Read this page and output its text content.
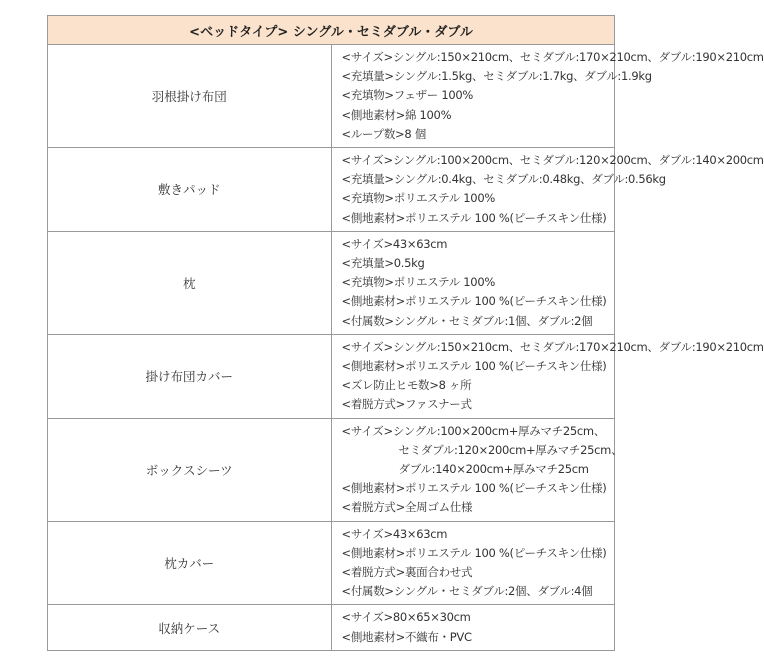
<ベッドタイプ> シングル・セミダブル・ダブル	
羽根掛け布団	<サイズ>シングル:150×210cm、セミダブル:170×210cm、ダブル:190×210cm
<充填量>シングル:1.5kg、セミダブル:1.7kg、ダブル:1.9kg
<充填物>フェザー 100%
<側地素材>綿 100%
<ループ数>8 個

敷きパッド	<サイズ>シングル:100×200cm、セミダブル:120×200cm、ダブル:140×200cm
<充填量>シングル:0.4kg、セミダブル:0.48kg、ダブル:0.56kg
<充填物>ポリエステル 100%
<側地素材>ポリエステル 100 %(ピーチスキン仕様)

枕	<サイズ>43×63cm
<充填量>0.5kg
<充填物>ポリエステル 100%
<側地素材>ポリエステル 100 %(ピーチスキン仕様)
<付属数>シングル・セミダブル:1個、ダブル:2個

掛け布団カバー	<サイズ>シングル:150×210cm、セミダブル:170×210cm、ダブル:190×210cm
<側地素材>ポリエステル 100 %(ピーチスキン仕様)
<ズレ防止ヒモ数>8 ヶ所
<着脱方式>ファスナー式

ボックスシーツ	<サイズ>シングル:100×200cm+厚みマチ25cm、
セミダブル:120×200cm+厚みマチ25cm、
ダブル:140×200cm+厚みマチ25cm
<側地素材>ポリエステル 100 %(ピーチスキン仕様)
<着脱方式>全周ゴム仕様

枕カバー	<サイズ>43×63cm
<側地素材>ポリエステル 100 %(ピーチスキン仕様)
<着脱方式>裏面合わせ式
<付属数>シングル・セミダブル:2個、ダブル:4個

収納ケース	<サイズ>80×65×30cm
<側地素材>不織布・PVC
